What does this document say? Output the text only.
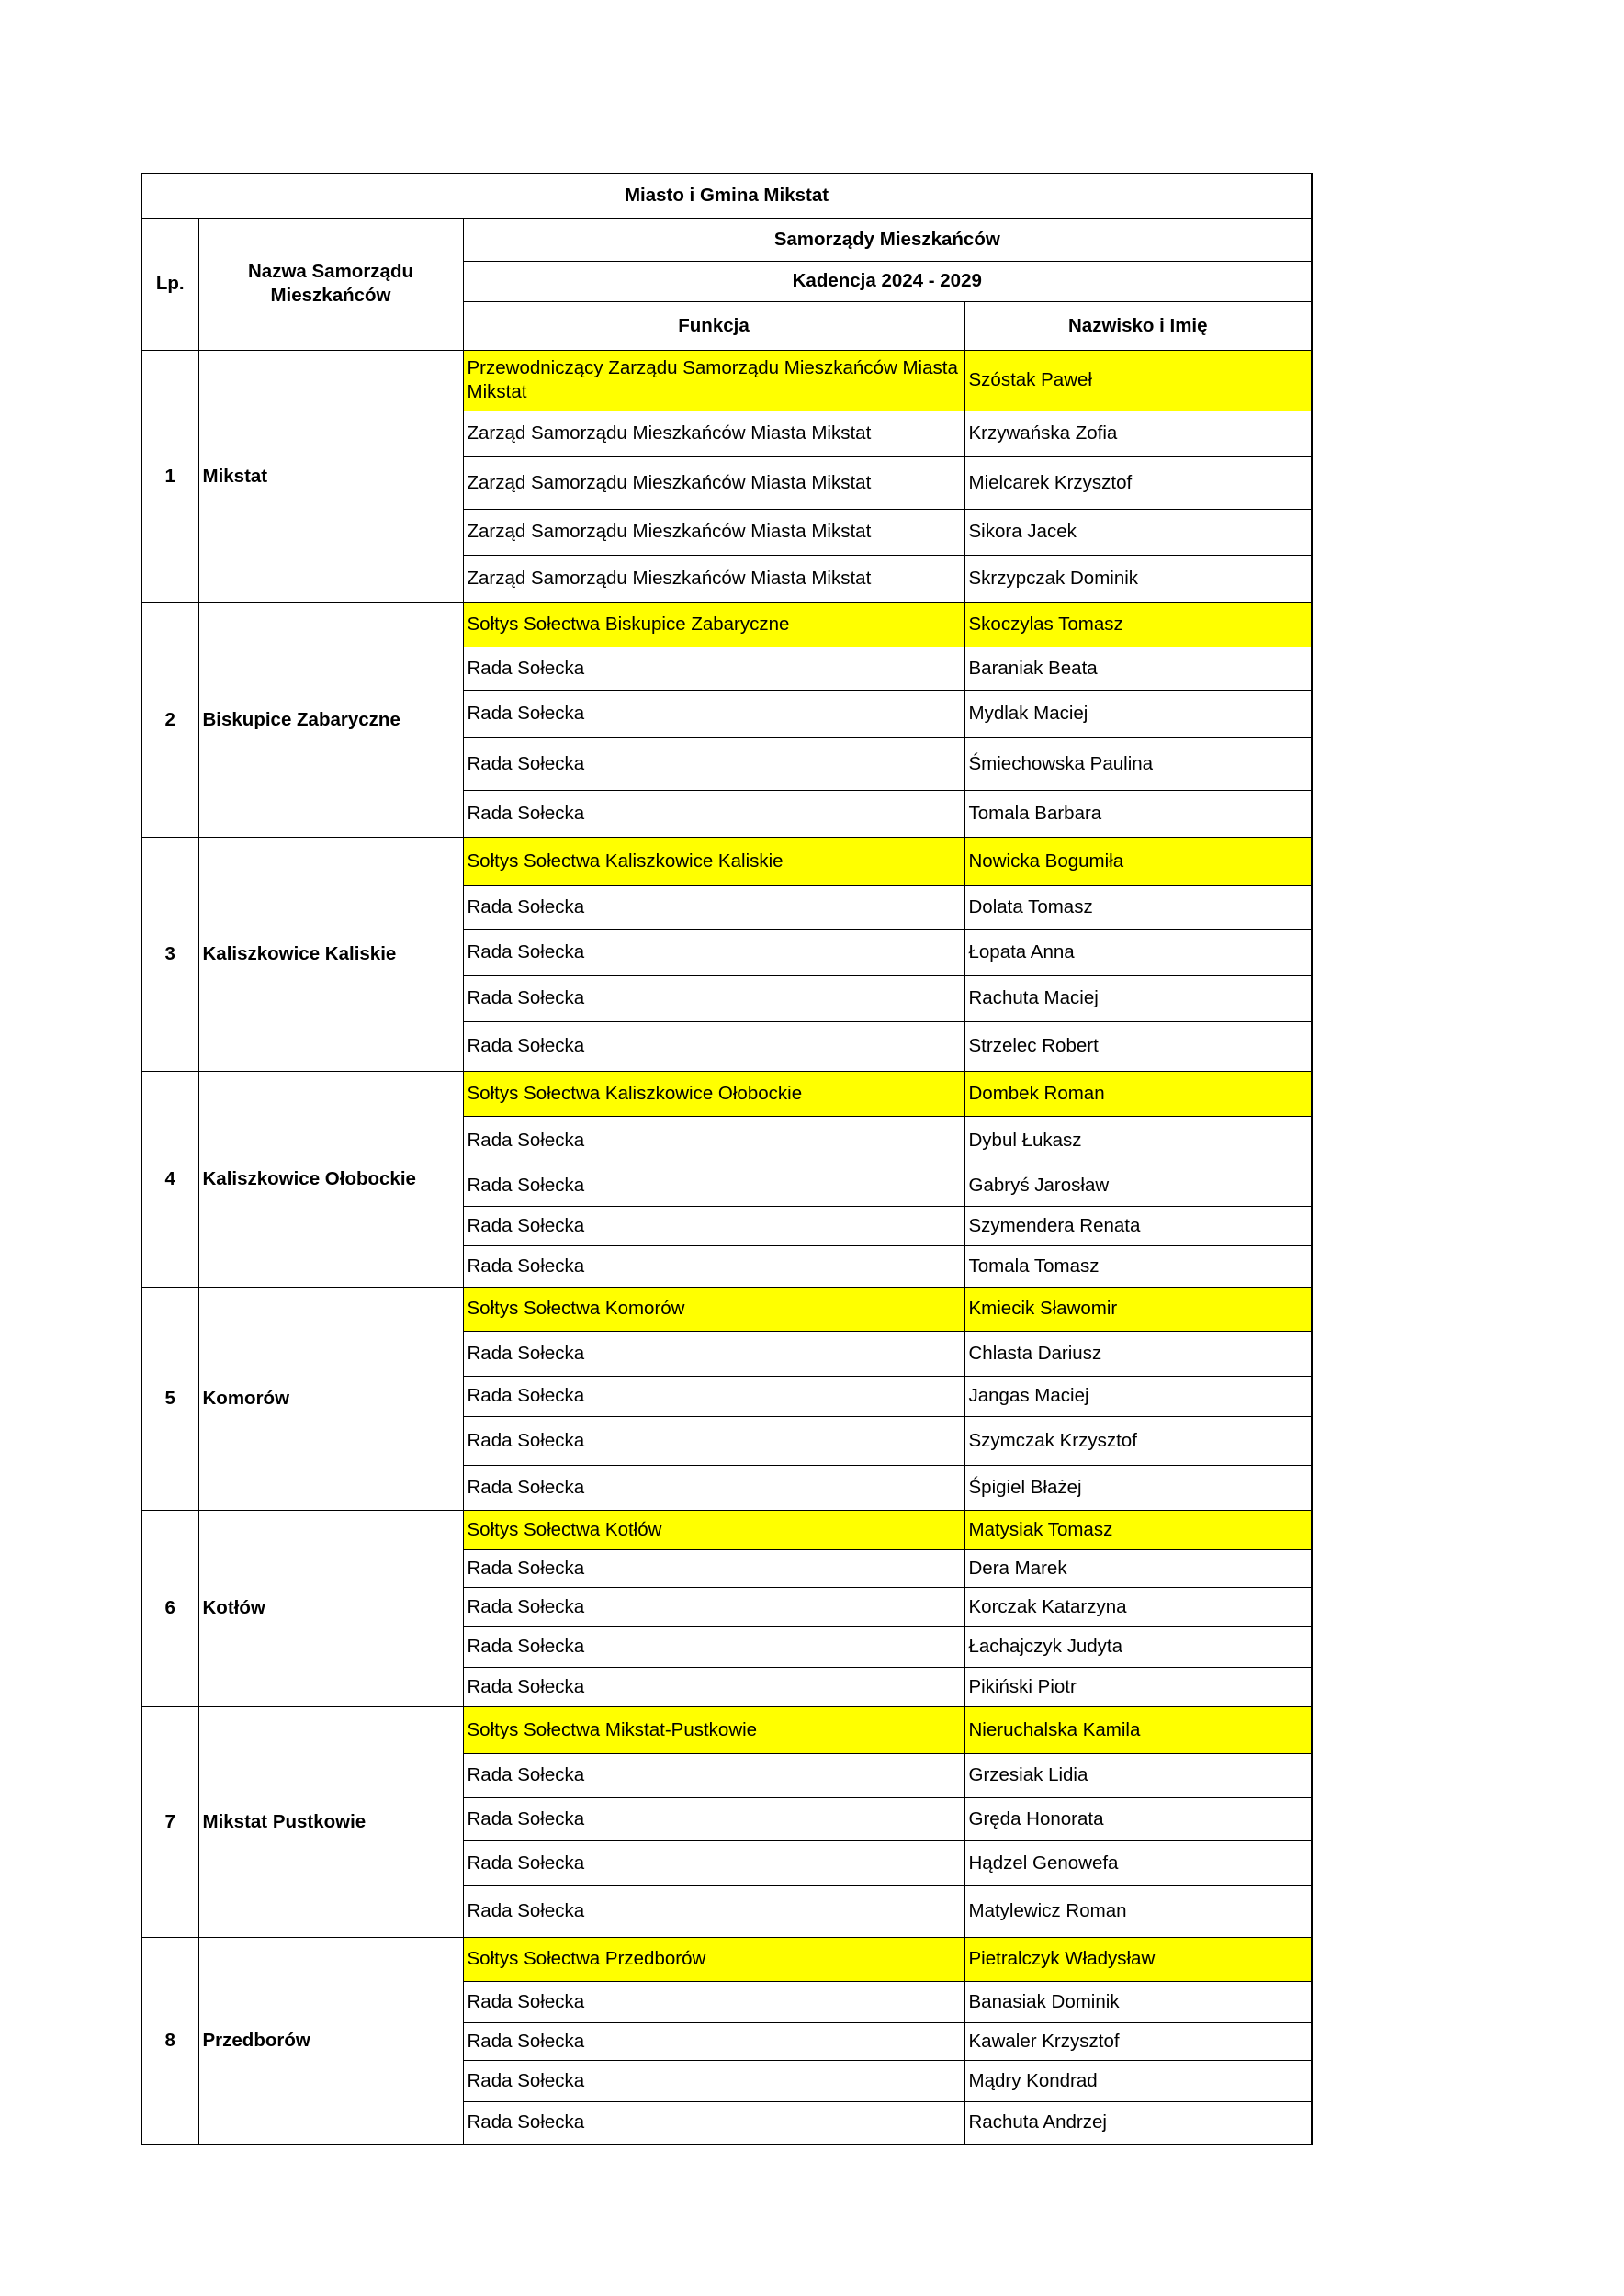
Miasto i Gmina Mikstat			
Lp.	Nazwa Samorządu Mieszkańców	Samorządy Mieszkańców	
		Kadencja 2024 - 2029	
		Funkcja	Nazwisko i Imię
1	Mikstat	Przewodniczący Zarządu Samorządu Mieszkańców Miasta Mikstat	Szóstak Paweł
		Zarząd Samorządu Mieszkańców Miasta Mikstat	Krzywańska Zofia
		Zarząd Samorządu Mieszkańców Miasta Mikstat	Mielcarek Krzysztof
		Zarząd Samorządu Mieszkańców Miasta Mikstat	Sikora Jacek
		Zarząd Samorządu Mieszkańców Miasta Mikstat	Skrzypczak Dominik
2	Biskupice Zabaryczne	Sołtys Sołectwa Biskupice Zabaryczne	Skoczylas Tomasz
		Rada Sołecka	Baraniak Beata
		Rada Sołecka	Mydlak Maciej
		Rada Sołecka	Śmiechowska Paulina
		Rada Sołecka	Tomala Barbara
3	Kaliszkowice Kaliskie	Sołtys Sołectwa Kaliszkowice Kaliskie	Nowicka Bogumiła
		Rada Sołecka	Dolata Tomasz
		Rada Sołecka	Łopata Anna
		Rada Sołecka	Rachuta Maciej
		Rada Sołecka	Strzelec Robert
4	Kaliszkowice Ołobockie	Sołtys Sołectwa Kaliszkowice Ołobockie	Dombek Roman
		Rada Sołecka	Dybul Łukasz
		Rada Sołecka	Gabryś Jarosław
		Rada Sołecka	Szymendera Renata
		Rada Sołecka	Tomala Tomasz
5	Komorów	Sołtys Sołectwa Komorów	Kmiecik Sławomir
		Rada Sołecka	Chlasta Dariusz
		Rada Sołecka	Jangas Maciej
		Rada Sołecka	Szymczak Krzysztof
		Rada Sołecka	Śpigiel Błażej
6	Kotłów	Sołtys Sołectwa Kotłów	Matysiak Tomasz
		Rada Sołecka	Dera Marek
		Rada Sołecka	Korczak Katarzyna
		Rada Sołecka	Łachajczyk Judyta
		Rada Sołecka	Pikiński Piotr
7	Mikstat Pustkowie	Sołtys Sołectwa Mikstat-Pustkowie	Nieruchalska Kamila
		Rada Sołecka	Grzesiak Lidia
		Rada Sołecka	Gręda Honorata
		Rada Sołecka	Hądzel Genowefa
		Rada Sołecka	Matylewicz Roman
8	Przedborów	Sołtys Sołectwa Przedborów	Pietralczyk Władysław
		Rada Sołecka	Banasiak Dominik
		Rada Sołecka	Kawaler Krzysztof
		Rada Sołecka	Mądry Kondrad
		Rada Sołecka	Rachuta Andrzej
